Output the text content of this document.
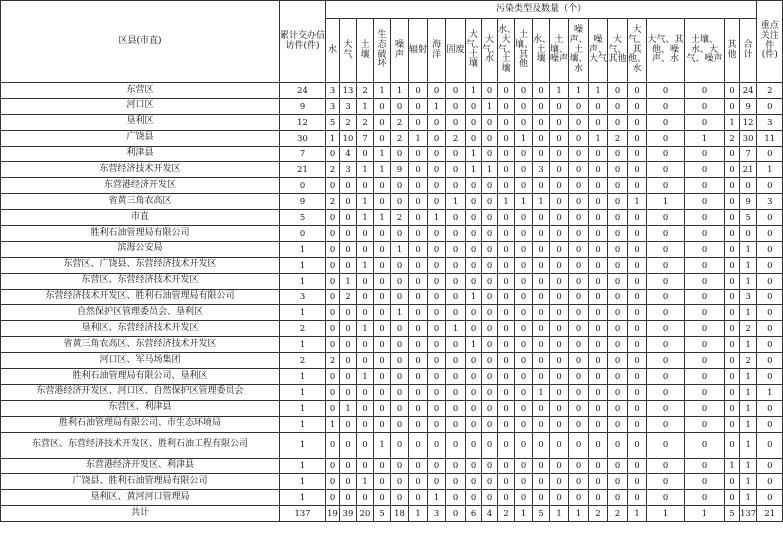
区县(市直)	累计交办信访件(件)	污染类型及数量（个）																						重点关注件(件)
		水	大气	土壤	生态破坏	噪声	辐射	海洋	固废	大气、土壤	大气、水	水、大气、土壤	土壤、其他	水、土壤	土壤、噪声	噪声、土壤、水	噪声、大气	大气、其他	大气、其他、水	大气、其他、噪声、水	土壤、水、大气、噪声	其他	合计	
东营区	24	3	13	2	1	1	0	0	0	1	0	0	0	0	1	1	1	0	0	0	0	0	24	2
河口区	9	3	3	1	0	0	0	1	0	0	1	0	0	0	0	0	0	0	0	0	0	0	9	0
垦利区	12	5	2	2	0	2	0	0	0	0	0	0	0	0	0	0	0	0	0	0	0	1	12	3
广饶县	30	1	10	7	0	2	1	0	2	0	0	0	1	0	0	0	1	2	0	0	1	2	30	11
利津县	7	0	4	0	1	0	0	0	0	1	0	0	0	0	0	0	0	0	0	0	0	0	7	0
东营经济技术开发区	21	2	3	1	1	9	0	0	0	1	1	0	0	3	0	0	0	0	0	0	0	0	21	1
东营港经济开发区	0	0	0	0	0	0	0	0	0	0	0	0	0	0	0	0	0	0	0	0	0	0	0	0
省黄三角农高区	9	2	0	1	0	0	0	0	1	0	0	1	1	1	0	0	0	0	1	1	0	0	9	3
市直	5	0	0	1	1	2	0	1	0	0	0	0	0	0	0	0	0	0	0	0	0	0	5	0
胜利石油管理局有限公司	0	0	0	0	0	0	0	0	0	0	0	0	0	0	0	0	0	0	0	0	0	0	0	0
滨海公安局	1	0	0	0	0	1	0	0	0	0	0	0	0	0	0	0	0	0	0	0	0	0	1	0
东营区、广饶县、东营经济技术开发区	1	0	0	1	0	0	0	0	0	0	0	0	0	0	0	0	0	0	0	0	0	0	1	0
东营区、东营经济技术开发区	1	0	1	0	0	0	0	0	0	0	0	0	0	0	0	0	0	0	0	0	0	0	1	0
东营经济技术开发区、胜利石油管理局有限公司	3	0	2	0	0	0	0	0	0	1	0	0	0	0	0	0	0	0	0	0	0	0	3	0
自然保护区管理委员会、垦利区	1	0	0	0	0	1	0	0	0	0	0	0	0	0	0	0	0	0	0	0	0	0	1	0
垦利区、东营经济技术开发区	2	0	0	1	0	0	0	0	1	0	0	0	0	0	0	0	0	0	0	0	0	0	2	0
省黄三角农高区、东营经济技术开发区	1	0	0	0	0	0	0	0	0	1	0	0	0	0	0	0	0	0	0	0	0	0	1	0
河口区、军马场集团	2	2	0	0	0	0	0	0	0	0	0	0	0	0	0	0	0	0	0	0	0	0	2	0
胜利石油管理局有限公司、垦利区	1	0	0	1	0	0	0	0	0	0	0	0	0	0	0	0	0	0	0	0	0	0	1	0
东营港经济开发区、河口区、自然保护区管理委员会	1	0	0	0	0	0	0	0	0	0	0	0	0	1	0	0	0	0	0	0	0	0	1	1
东营区、利津县	1	0	1	0	0	0	0	0	0	0	0	0	0	0	0	0	0	0	0	0	0	0	1	0
胜利石油管理局有限公司、市生态环境局	1	1	0	0	0	0	0	0	0	0	0	0	0	0	0	0	0	0	0	0	0	0	1	0
东营区、东营经济技术开发区、胜利石油工程有限公司	1	0	0	0	1	0	0	0	0	0	0	0	0	0	0	0	0	0	0	0	0	0	1	0
东营港经济开发区、利津县	1	0	0	0	0	0	0	0	0	0	0	0	0	0	0	0	0	0	0	0	0	1	1	0
广饶县、胜利石油管理局有限公司	1	0	0	1	0	0	0	0	0	0	0	0	0	0	0	0	0	0	0	0	0	0	1	0
垦利区、黄河河口管理局	1	0	0	0	0	0	0	1	0	0	0	0	0	0	0	0	0	0	0	0	0	0	1	0
共计	137	19	39	20	5	18	1	3	0	6	4	2	1	5	1	1	2	2	1	1	1	5	137	21
